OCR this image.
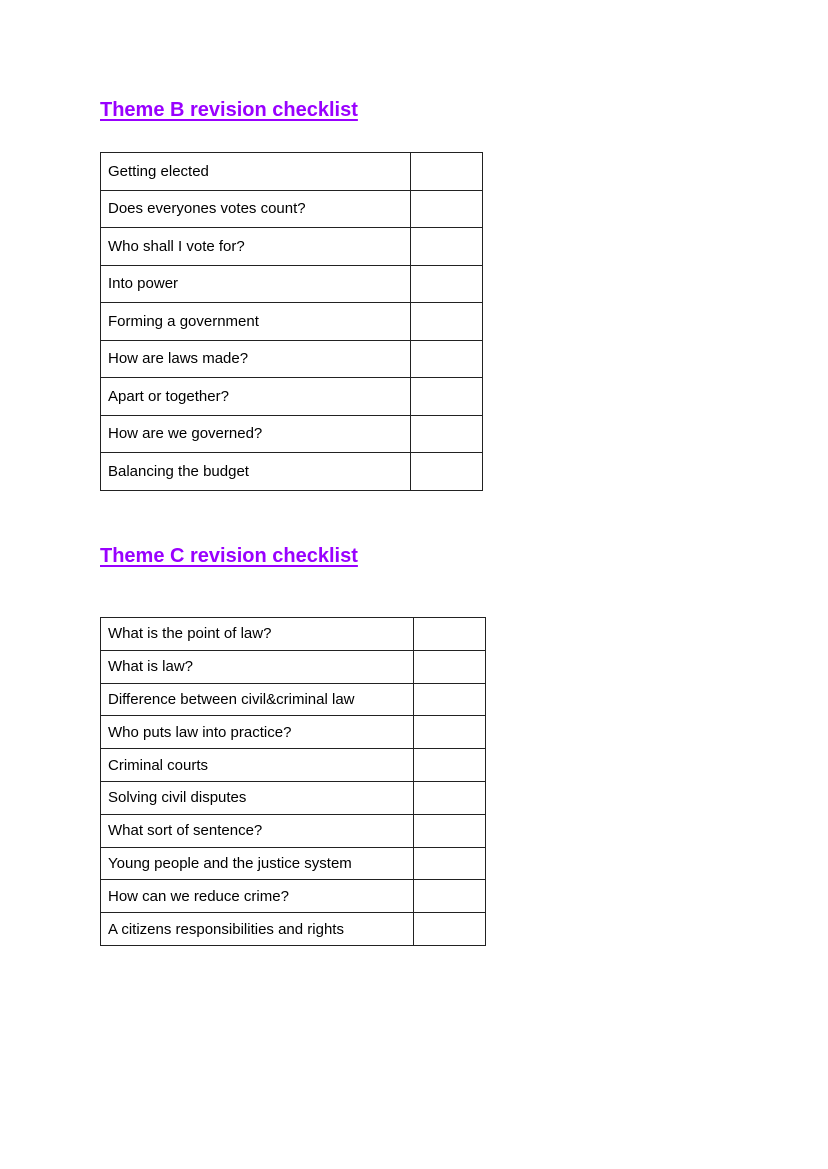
Theme B revision checklist
Getting elected	
Does everyones votes count?	
Who shall I vote for?	
Into power	
Forming a government	
How are laws made?	
Apart or together?	
How are we governed?	
Balancing the budget	
Theme C revision checklist
What is the point of law?	
What is law?	
Difference between civil&criminal law	
Who puts law into practice?	
Criminal courts	
Solving civil disputes	
What sort of sentence?	
Young people and the justice system	
How can we reduce crime?	
A citizens responsibilities and rights	
